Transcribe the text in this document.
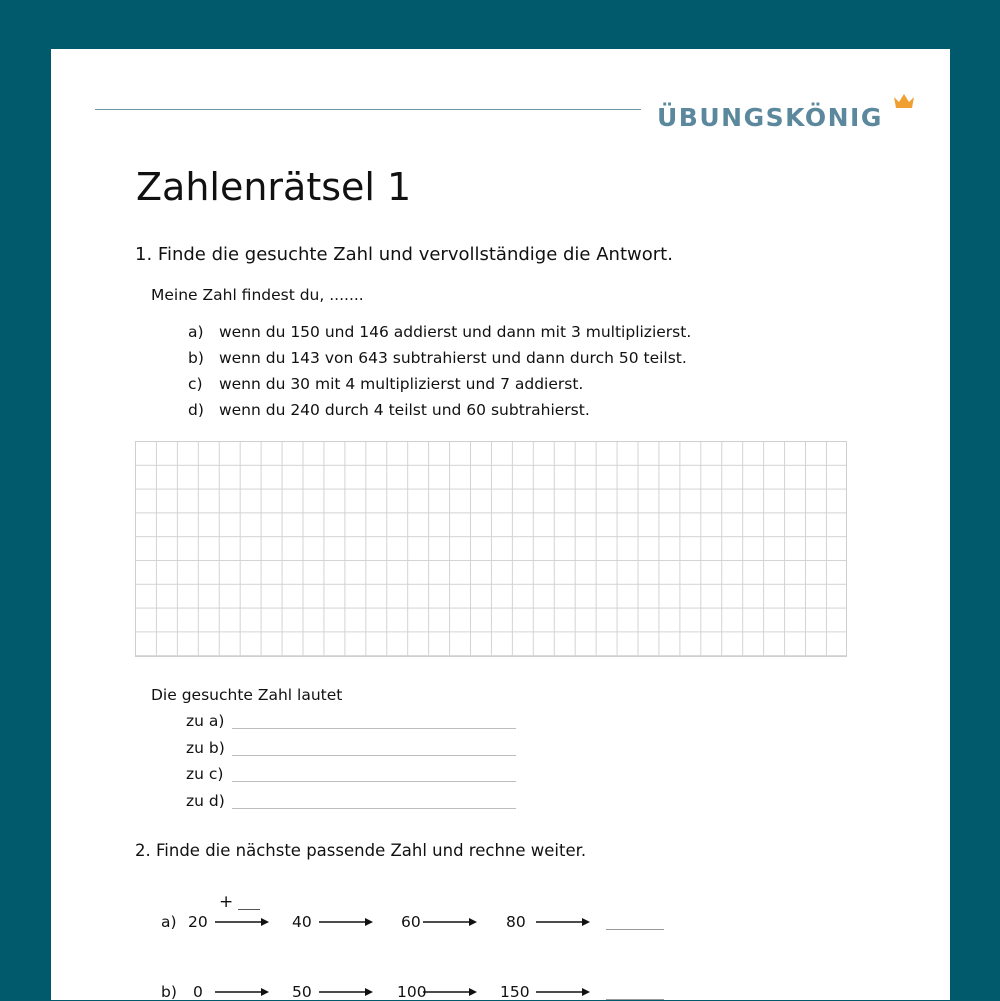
ÜBUNGSKÖNIG
Zahlenrätsel 1
1. Finde die gesuchte Zahl und vervollständige die Antwort.
Meine Zahl findest du, .......
a) wenn du 150 und 146 addierst und dann mit 3 multiplizierst.
b) wenn du 143 von 643 subtrahierst und dann durch 50 teilst.
c) wenn du 30 mit 4 multiplizierst und 7 addierst.
d) wenn du 240 durch 4 teilst und 60 subtrahierst.
Die gesuchte Zahl lautet
zu a)
zu b)
zu c)
zu d)
2. Finde die nächste passende Zahl und rechne weiter.
+
a) 20	40	60	80
b) 0	50	100	150
